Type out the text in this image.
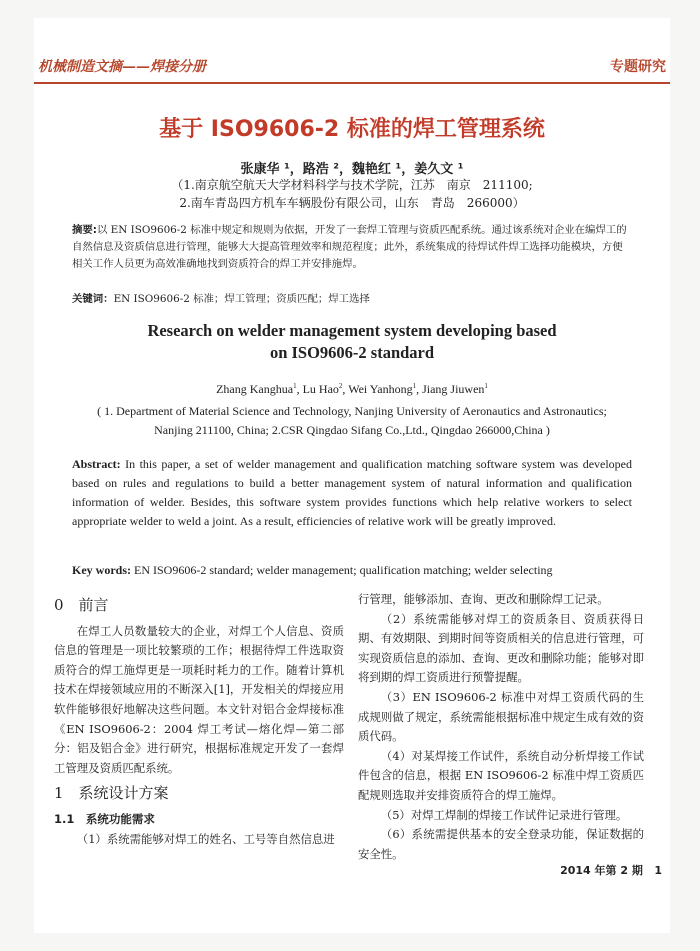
机械制造文摘——焊接分册	专题研究
基于 ISO9606-2 标准的焊工管理系统
张康华 ¹，路浩 ²，魏艳红 ¹，姜久文 ¹
（1.南京航空航天大学材料科学与技术学院，江苏　南京　211100;
2.南车青岛四方机车车辆股份有限公司，山东　青岛　266000）
摘要:以 EN ISO9606-2 标准中规定和规则为依据，开发了一套焊工管理与资质匹配系统。通过该系统对企业在编焊工的自然信息及资质信息进行管理，能够大大提高管理效率和规范程度；此外，系统集成的待焊试件焊工选择功能模块，方便相关工作人员更为高效准确地找到资质符合的焊工并安排施焊。
关键词：EN ISO9606-2 标准；焊工管理；资质匹配；焊工选择
Research on welder management system developing based
on ISO9606-2 standard
Zhang Kanghua$^1$, Lu Hao$^2$, Wei Yanhong$^1$, Jiang Jiuwen$^1$
( 1. Department of Material Science and Technology, Nanjing University of Aeronautics and Astronautics;
Nanjing 211100, China; 2.CSR Qingdao Sifang Co.,Ltd., Qingdao 266000,China )
Abstract: In this paper, a set of welder management and qualification matching software system was developed based on rules and regulations to build a better management system of natural information and qualification information of welder. Besides, this software system provides functions which help relative workers to select appropriate welder to weld a joint. As a result, efficiencies of relative work will be greatly improved.
Key words: EN ISO9606-2 standard; welder management; qualification matching; welder selecting
0　前言

在焊工人员数量较大的企业，对焊工个人信息、资质信息的管理是一项比较繁琐的工作；根据待焊工件选取资质符合的焊工施焊更是一项耗时耗力的工作。随着计算机技术在焊接领域应用的不断深入[1]，开发相关的焊接应用软件能够很好地解决这些问题。本文针对铝合金焊接标准《EN ISO9606-2：2004 焊工考试—熔化焊—第二部分：铝及铝合金》进行研究，根据标准规定开发了一套焊工管理及资质匹配系统。

1　系统设计方案
1.1　系统功能需求

（1）系统需能够对焊工的姓名、工号等自然信息进

行管理，能够添加、查询、更改和删除焊工记录。

（2）系统需能够对焊工的资质条目、资质获得日期、有效期限、到期时间等资质相关的信息进行管理，可实现资质信息的添加、查询、更改和删除功能；能够对即将到期的焊工资质进行预警提醒。

（3）EN ISO9606-2 标准中对焊工资质代码的生成规则做了规定，系统需能根据标准中规定生成有效的资质代码。

（4）对某焊接工作试件，系统自动分析焊接工作试件包含的信息，根据 EN ISO9606-2 标准中焊工资质匹配规则选取并安排资质符合的焊工施焊。

（5）对焊工焊制的焊接工作试件记录进行管理。

（6）系统需提供基本的安全登录功能，保证数据的安全性。

2014 年第 2 期 1
